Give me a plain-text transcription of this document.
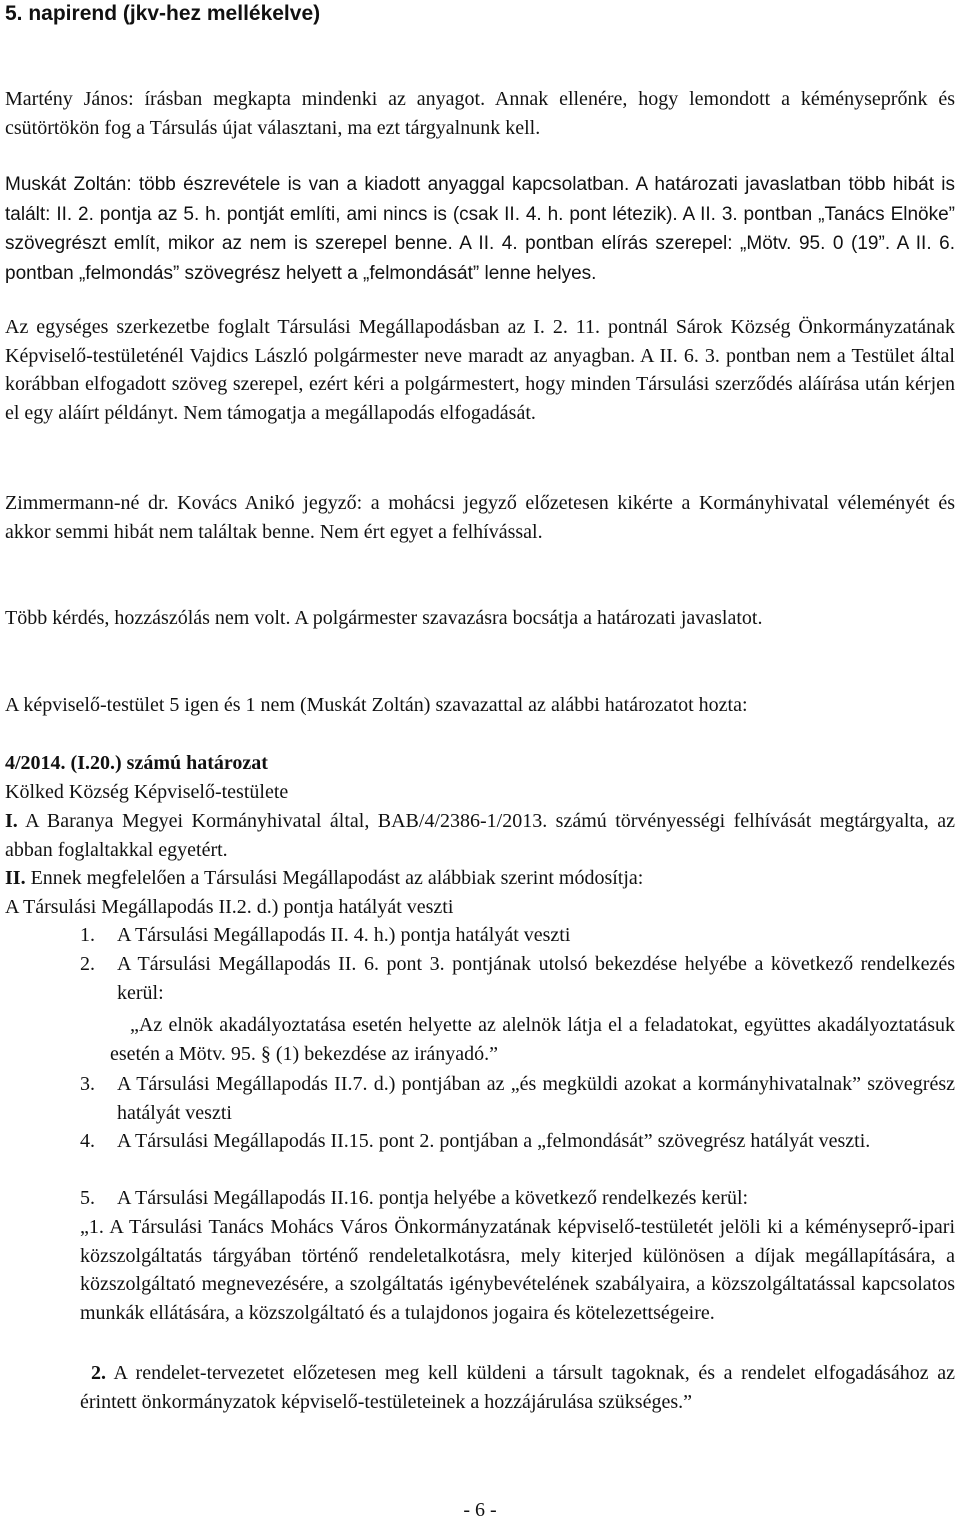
5. napirend (jkv-hez mellékelve)

Martény János: írásban megkapta mindenki az anyagot. Annak ellenére, hogy lemondott a kéményseprőnk és csütörtökön fog a Társulás újat választani, ma ezt tárgyalnunk kell.

Muskát Zoltán: több észrevétele is van a kiadott anyaggal kapcsolatban. A határozati javaslatban több hibát is talált: II. 2. pontja az 5. h. pontját említi, ami nincs is (csak II. 4. h. pont létezik). A II. 3. pontban „Tanács Elnöke” szövegrészt említ, mikor az nem is szerepel benne. A II. 4. pontban elírás szerepel: „Mötv. 95. 0 (19”. A II. 6. pontban „felmondás” szövegrész helyett a „felmondását” lenne helyes.

Az egységes szerkezetbe foglalt Társulási Megállapodásban az I. 2. 11. pontnál Sárok Község Önkormányzatának Képviselő-testületénél Vajdics László polgármester neve maradt az anyagban. A II. 6. 3. pontban nem a Testület által korábban elfogadott szöveg szerepel, ezért kéri a polgármestert, hogy minden Társulási szerződés aláírása után kérjen el egy aláírt példányt. Nem támogatja a megállapodás elfogadását.

Zimmermann-né dr. Kovács Anikó jegyző: a mohácsi jegyző előzetesen kikérte a Kormányhivatal véleményét és akkor semmi hibát nem találtak benne. Nem ért egyet a felhívással.

Több kérdés, hozzászólás nem volt. A polgármester szavazásra bocsátja a határozati javaslatot.

A képviselő-testület 5 igen és 1 nem (Muskát Zoltán) szavazattal az alábbi határozatot hozta:

4/2014. (I.20.) számú határozat

Kölked Község Képviselő-testülete

I. A Baranya Megyei Kormányhivatal által, BAB/4/2386-1/2013. számú törvényességi felhívását megtárgyalta, az abban foglaltakkal egyetért.

II. Ennek megfelelően a Társulási Megállapodást az alábbiak szerint módosítja:

A Társulási Megállapodás II.2. d.) pontja hatályát veszti

1.	A Társulási Megállapodás II. 4. h.) pontja hatályát veszti
2.	A Társulási Megállapodás II. 6. pont 3. pontjának utolsó bekezdése helyébe a következő rendelkezés kerül:

„Az elnök akadályoztatása esetén helyette az alelnök látja el a feladatokat, együttes akadályoztatásuk esetén a Mötv. 95. § (1) bekezdése az irányadó.”

3.	A Társulási Megállapodás II.7. d.) pontjában az „és megküldi azokat a kormányhivatalnak” szövegrész hatályát veszti
4.	A Társulási Megállapodás II.15. pont 2. pontjában a „felmondását” szövegrész hatályát veszti.
5.	A Társulási Megállapodás II.16. pontja helyébe a következő rendelkezés kerül:

„1. A Társulási Tanács Mohács Város Önkormányzatának képviselő-testületét jelöli ki a kéményseprő-ipari közszolgáltatás tárgyában történő rendeletalkotásra, mely kiterjed különösen a díjak megállapítására, a közszolgáltató megnevezésére, a szolgáltatás igénybevételének szabályaira, a közszolgáltatással kapcsolatos munkák ellátására, a közszolgáltató és a tulajdonos jogaira és kötelezettségeire.

2. A rendelet-tervezetet előzetesen meg kell küldeni a társult tagoknak, és a rendelet elfogadásához az érintett önkormányzatok képviselő-testületeinek a hozzájárulása szükséges.”

- 6 -
